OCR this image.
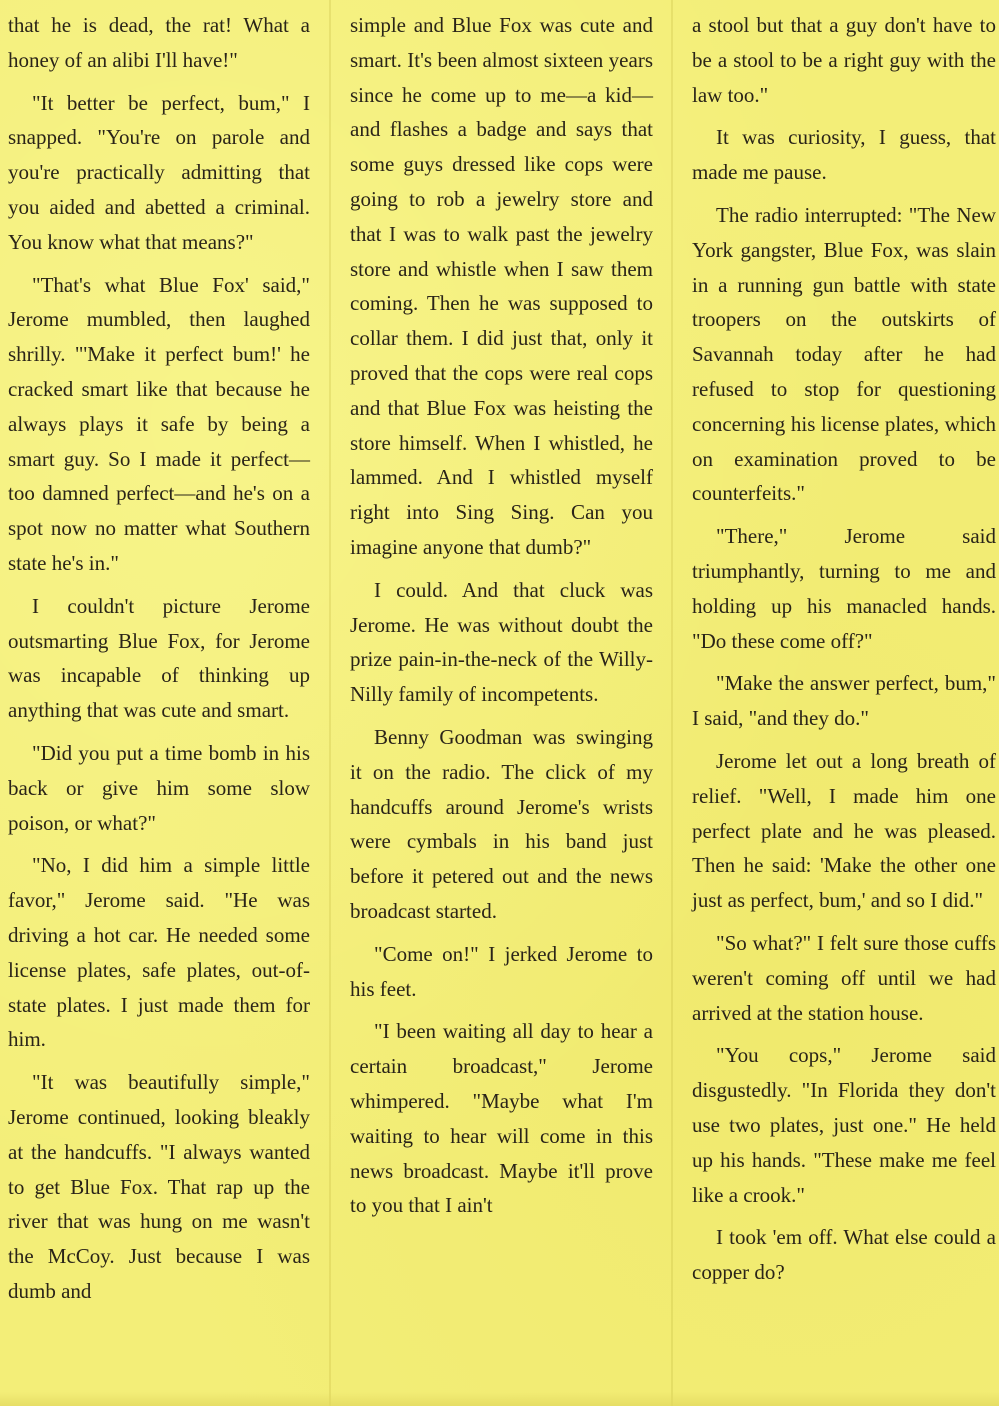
that he is dead, the rat! What a honey of an alibi I'll have!"

"It better be perfect, bum," I snapped. "You're on parole and you're practically admitting that you aided and abetted a criminal. You know what that means?"

"That's what Blue Fox' said," Jerome mumbled, then laughed shrilly. "'Make it perfect bum!' he cracked smart like that because he always plays it safe by being a smart guy. So I made it perfect—too damned perfect—and he's on a spot now no matter what Southern state he's in."

I couldn't picture Jerome outsmarting Blue Fox, for Jerome was incapable of thinking up anything that was cute and smart.

"Did you put a time bomb in his back or give him some slow poison, or what?"

"No, I did him a simple little favor," Jerome said. "He was driving a hot car. He needed some license plates, safe plates, out-of-state plates. I just made them for him.

"It was beautifully simple," Jerome continued, looking bleakly at the handcuffs. "I always wanted to get Blue Fox. That rap up the river that was hung on me wasn't the McCoy. Just because I was dumb and

simple and Blue Fox was cute and smart. It's been almost sixteen years since he come up to me—a kid—and flashes a badge and says that some guys dressed like cops were going to rob a jewelry store and that I was to walk past the jewelry store and whistle when I saw them coming. Then he was supposed to collar them. I did just that, only it proved that the cops were real cops and that Blue Fox was heisting the store himself. When I whistled, he lammed. And I whistled myself right into Sing Sing. Can you imagine anyone that dumb?"

I could. And that cluck was Jerome. He was without doubt the prize pain-in-the-neck of the Willy-Nilly family of incompetents.

Benny Goodman was swinging it on the radio. The click of my handcuffs around Jerome's wrists were cymbals in his band just before it petered out and the news broadcast started.

"Come on!" I jerked Jerome to his feet.

"I been waiting all day to hear a certain broadcast," Jerome whimpered. "Maybe what I'm waiting to hear will come in this news broadcast. Maybe it'll prove to you that I ain't

a stool but that a guy don't have to be a stool to be a right guy with the law too."

It was curiosity, I guess, that made me pause.

The radio interrupted: "The New York gangster, Blue Fox, was slain in a running gun battle with state troopers on the outskirts of Savannah today after he had refused to stop for questioning concerning his license plates, which on examination proved to be counterfeits."

"There," Jerome said triumphantly, turning to me and holding up his manacled hands. "Do these come off?"

"Make the answer perfect, bum," I said, "and they do."

Jerome let out a long breath of relief. "Well, I made him one perfect plate and he was pleased. Then he said: 'Make the other one just as perfect, bum,' and so I did."

"So what?" I felt sure those cuffs weren't coming off until we had arrived at the station house.

"You cops," Jerome said disgustedly. "In Florida they don't use two plates, just one." He held up his hands. "These make me feel like a crook."

I took 'em off. What else could a copper do?
